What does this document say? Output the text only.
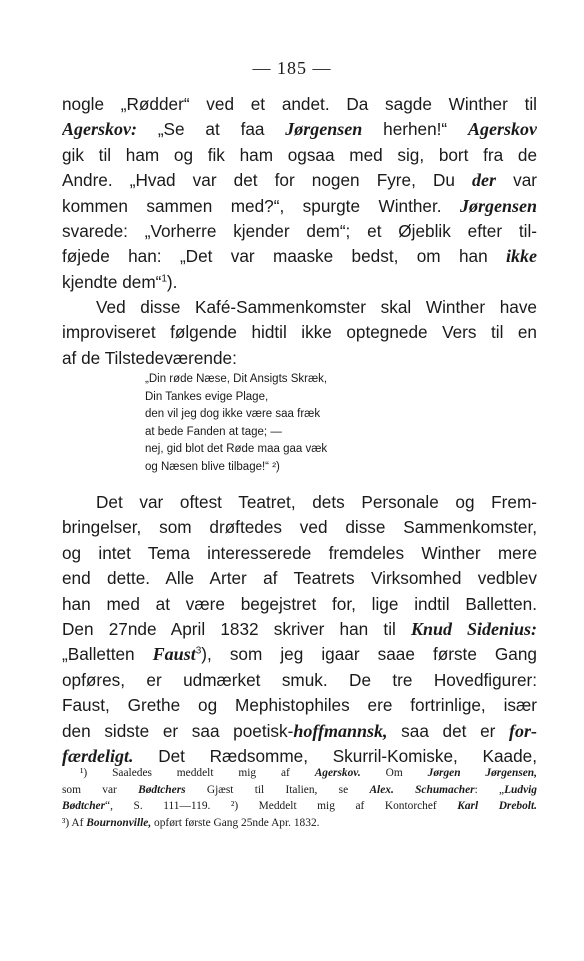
— 185 —
nogle „Rødder“ ved et andet. Da sagde Winther til
Agerskov: „Se at faa Jørgensen herhen!“ Agerskov
gik til ham og fik ham ogsaa med sig, bort fra de
Andre. „Hvad var det for nogen Fyre, Du der var
kommen sammen med?“, spurgte Winther. Jørgensen
svarede: „Vorherre kjender dem“; et Øjeblik efter til-
føjede han: „Det var maaske bedst, om han ikke
kjendte dem“$^1$).
Ved disse Kafé-Sammenkomster skal Winther have
improviseret følgende hidtil ikke optegnede Vers til en
af de Tilstedeværende:
„Din røde Næse, Dit Ansigts Skræk,
Din Tankes evige Plage,
den vil jeg dog ikke være saa fræk
at bede Fanden at tage; —
nej, gid blot det Røde maa gaa væk
og Næsen blive tilbage!“ ²)
Det var oftest Teatret, dets Personale og Frem-
bringelser, som drøftedes ved disse Sammenkomster,
og intet Tema interesserede fremdeles Winther mere
end dette. Alle Arter af Teatrets Virksomhed vedblev
han med at være begejstret for, lige indtil Balletten.
Den 27nde April 1832 skriver han til Knud Sidenius:
„Balletten Faust$^3$), som jeg igaar saae første Gang
opføres, er udmærket smuk. De tre Hovedfigurer:
Faust, Grethe og Mephistophiles ere fortrinlige, især
den sidste er saa poetisk-hoffmannsk, saa det er for-
færdeligt. Det Rædsomme, Skurril-Komiske, Kaade,
¹) Saaledes meddelt mig af Agerskov. Om Jørgen Jørgensen,
som var Bødtchers Gjæst til Italien, se Alex. Schumacher: „Ludvig
Bødtcher“, S. 111—119. ²) Meddelt mig af Kontorchef Karl Drebolt.
³) Af Bournonville, opført første Gang 25nde Apr. 1832.
